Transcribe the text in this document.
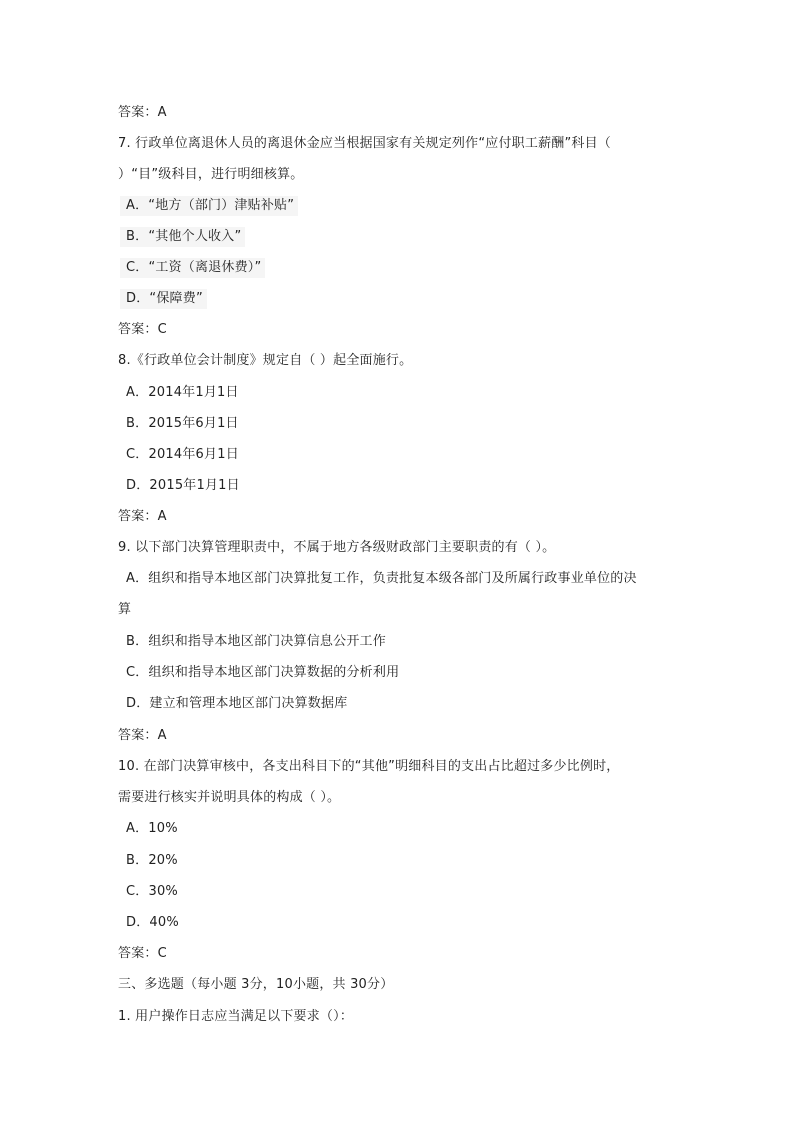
答案：A
7. 行政单位离退休人员的离退休金应当根据国家有关规定列作“应付职工薪酬”科目（
）“目”级科目，进行明细核算。
A．“地方（部门）津贴补贴”
B．“其他个人收入”
C．“工资（离退休费）”
D．“保障费”
答案：C
8.《行政单位会计制度》规定自（ ）起全面施行。
A．2014年1月1日
B．2015年6月1日
C．2014年6月1日
D．2015年1月1日
答案：A
9. 以下部门决算管理职责中，不属于地方各级财政部门主要职责的有（ ）。
A．组织和指导本地区部门决算批复工作，负责批复本级各部门及所属行政事业单位的决
算
B．组织和指导本地区部门决算信息公开工作
C．组织和指导本地区部门决算数据的分析利用
D．建立和管理本地区部门决算数据库
答案：A
10. 在部门决算审核中，各支出科目下的“其他”明细科目的支出占比超过多少比例时，
需要进行核实并说明具体的构成（ ）。
A．10%
B．20%
C．30%
D．40%
答案：C
三、多选题（每小题 3分，10小题，共 30分）
1. 用户操作日志应当满足以下要求（）：
